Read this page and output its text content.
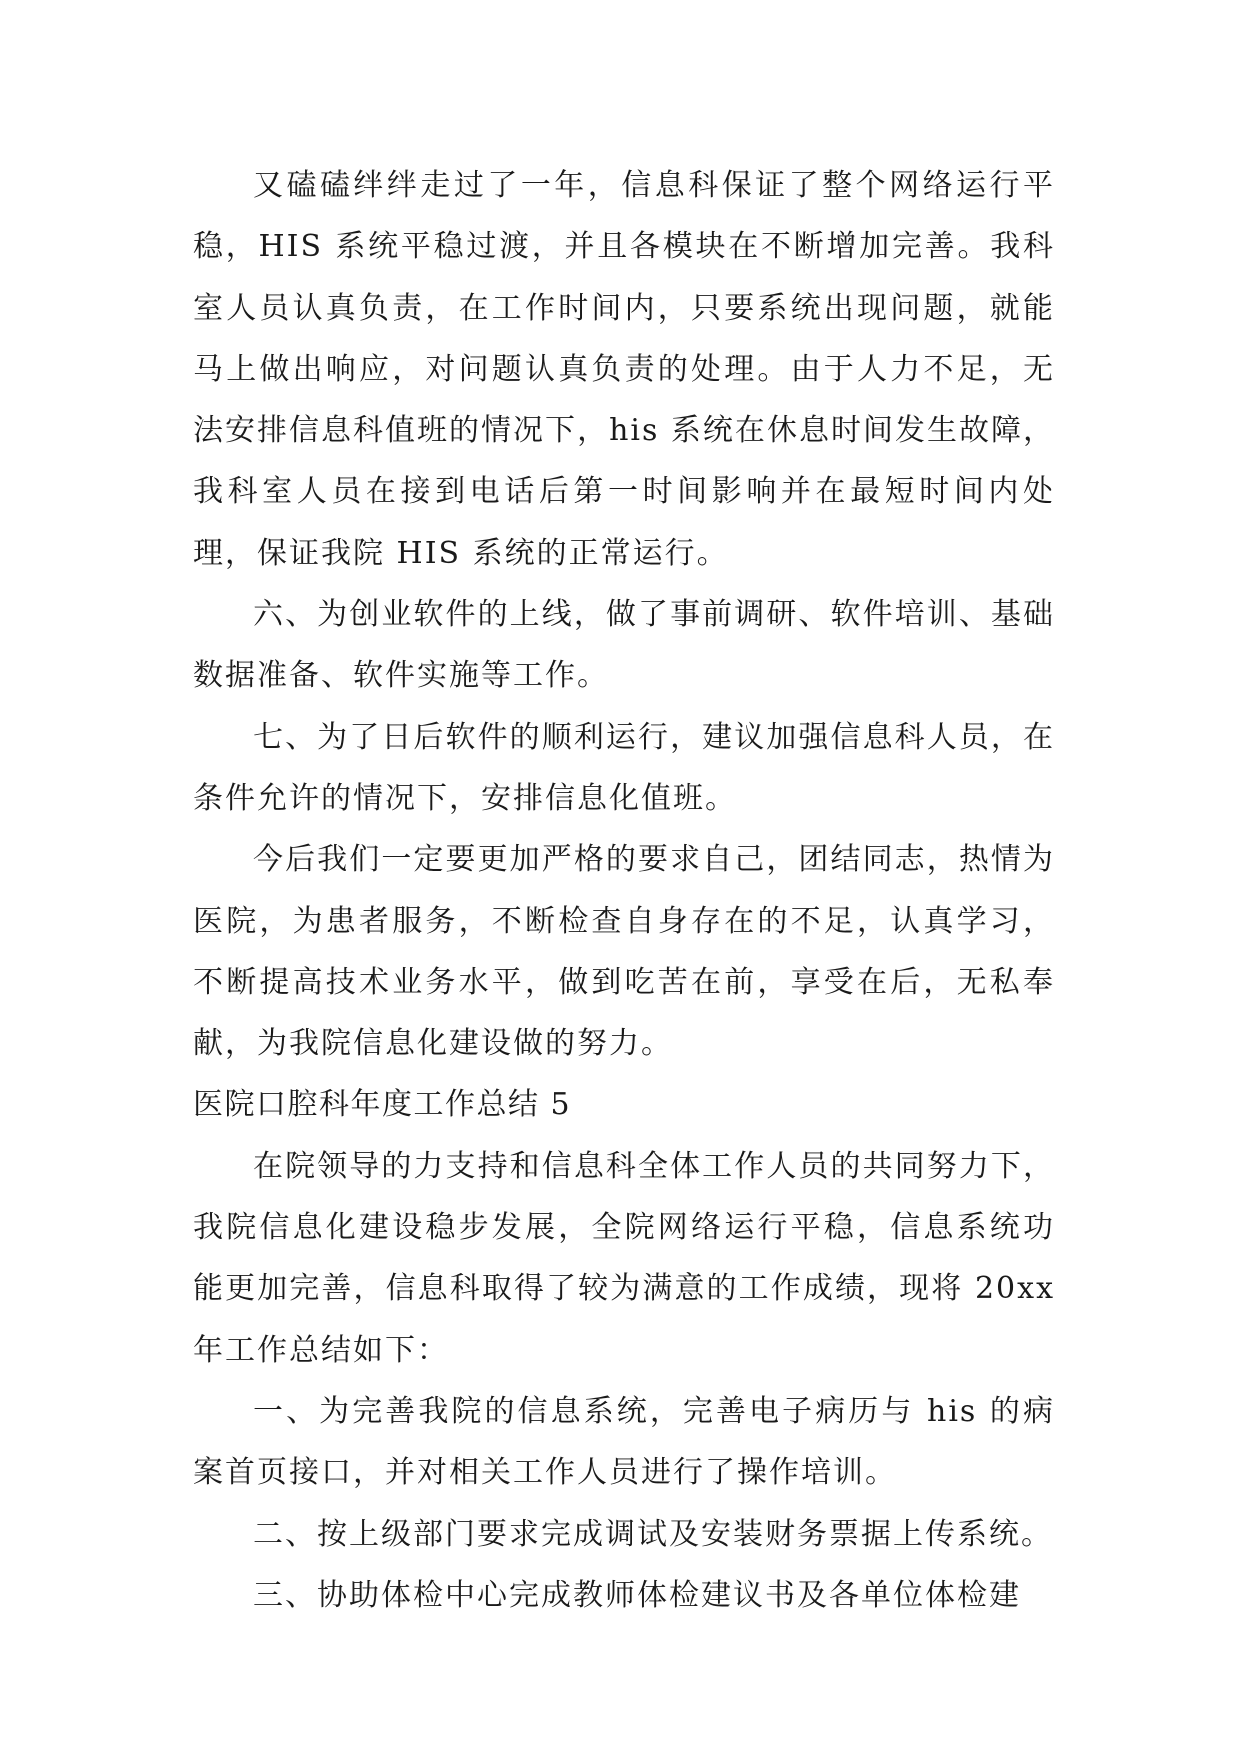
又磕磕绊绊走过了一年，信息科保证了整个网络运行平稳，HIS 系统平稳过渡，并且各模块在不断增加完善。我科室人员认真负责，在工作时间内，只要系统出现问题，就能马上做出响应，对问题认真负责的处理。由于人力不足，无法安排信息科值班的情况下，his 系统在休息时间发生故障，我科室人员在接到电话后第一时间影响并在最短时间内处理，保证我院 HIS 系统的正常运行。

六、为创业软件的上线，做了事前调研、软件培训、基础数据准备、软件实施等工作。

七、为了日后软件的顺利运行，建议加强信息科人员，在条件允许的情况下，安排信息化值班。

今后我们一定要更加严格的要求自己，团结同志，热情为医院，为患者服务，不断检查自身存在的不足，认真学习，不断提高技术业务水平，做到吃苦在前，享受在后，无私奉献，为我院信息化建设做的努力。

医院口腔科年度工作总结 5

在院领导的力支持和信息科全体工作人员的共同努力下，我院信息化建设稳步发展，全院网络运行平稳，信息系统功能更加完善，信息科取得了较为满意的工作成绩，现将 20xx 年工作总结如下：

一、为完善我院的信息系统，完善电子病历与 his 的病案首页接口，并对相关工作人员进行了操作培训。

二、按上级部门要求完成调试及安装财务票据上传系统。

三、协助体检中心完成教师体检建议书及各单位体检建
